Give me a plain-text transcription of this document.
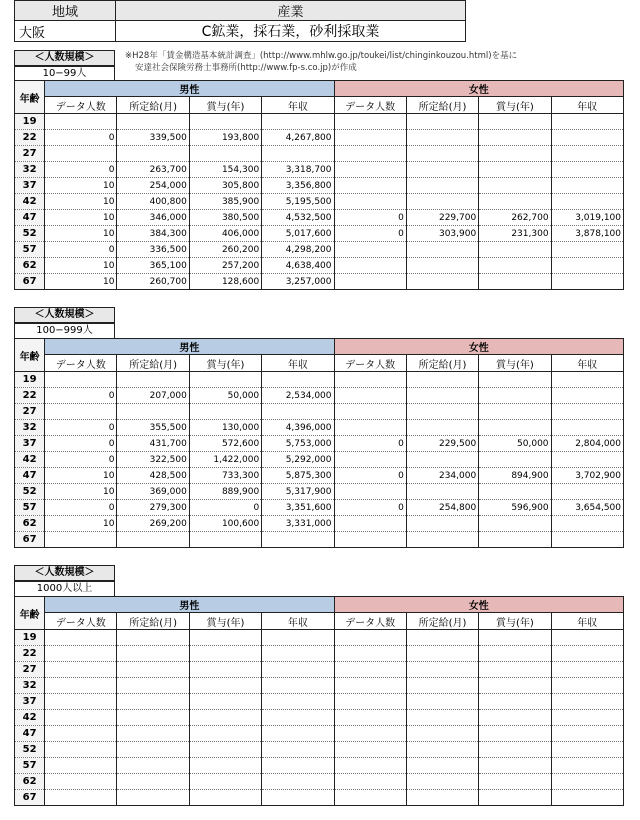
地域	産業
大阪	C鉱業，採石業，砂利採取業
※H28年「賃金構造基本統計調査」(http://www.mhlw.go.jp/toukei/list/chinginkouzou.html)を基に
安達社会保険労務士事務所(http://www.fp-s.co.jp)が作成
＜人数規模＞
10−99人
年齢	男性				女性			
	データ人数	所定給(月)	賞与(年)	年収	データ人数	所定給(月)	賞与(年)	年収
19								
22	0	339,500	193,800	4,267,800				
27								
32	0	263,700	154,300	3,318,700				
37	10	254,000	305,800	3,356,800				
42	10	400,800	385,900	5,195,500				
47	10	346,000	380,500	4,532,500	0	229,700	262,700	3,019,100
52	10	384,300	406,000	5,017,600	0	303,900	231,300	3,878,100
57	0	336,500	260,200	4,298,200				
62	10	365,100	257,200	4,638,400				
67	10	260,700	128,600	3,257,000				
＜人数規模＞
100−999人
年齢	男性				女性			
	データ人数	所定給(月)	賞与(年)	年収	データ人数	所定給(月)	賞与(年)	年収
19								
22	0	207,000	50,000	2,534,000				
27								
32	0	355,500	130,000	4,396,000				
37	0	431,700	572,600	5,753,000	0	229,500	50,000	2,804,000
42	0	322,500	1,422,000	5,292,000				
47	10	428,500	733,300	5,875,300	0	234,000	894,900	3,702,900
52	10	369,000	889,900	5,317,900				
57	0	279,300	0	3,351,600	0	254,800	596,900	3,654,500
62	10	269,200	100,600	3,331,000				
67								
＜人数規模＞
1000人以上
年齢	男性				女性			
	データ人数	所定給(月)	賞与(年)	年収	データ人数	所定給(月)	賞与(年)	年収
19								
22								
27								
32								
37								
42								
47								
52								
57								
62								
67								
